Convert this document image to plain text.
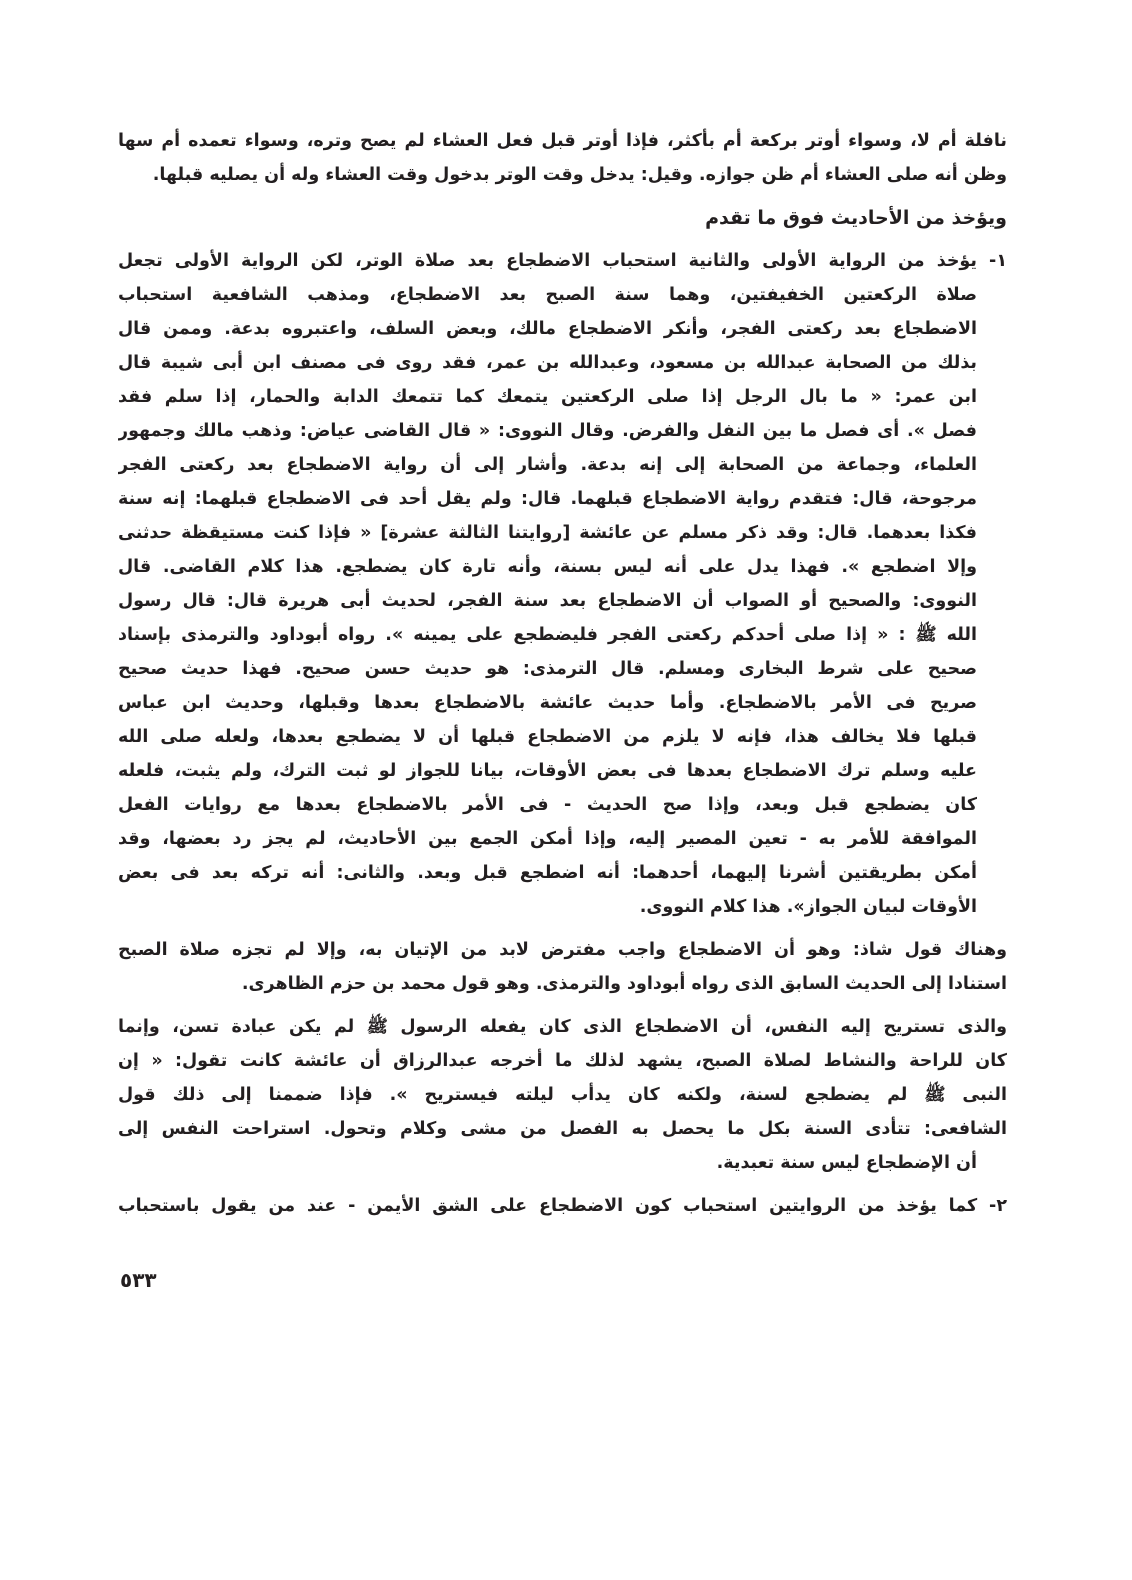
٥٣٣
نافلة أم لا، وسواء أوتر بركعة أم بأكثر، فإذا أوتر قبل فعل العشاء لم يصح وتره، وسواء تعمده أم سها
وظن أنه صلى العشاء أم ظن جوازه. وقيل: يدخل وقت الوتر بدخول وقت العشاء وله أن يصليه قبلها.
ويؤخذ من الأحاديث فوق ما تقدم
١- يؤخذ من الرواية الأولى والثانية استحباب الاضطجاع بعد صلاة الوتر، لكن الرواية الأولى تجعل
صلاة الركعتين الخفيفتين، وهما سنة الصبح بعد الاضطجاع، ومذهب الشافعية استحباب
الاضطجاع بعد ركعتى الفجر، وأنكر الاضطجاع مالك، وبعض السلف، واعتبروه بدعة. وممن قال
بذلك من الصحابة عبدالله بن مسعود، وعبدالله بن عمر، فقد روى فى مصنف ابن أبى شيبة قال
ابن عمر: « ما بال الرجل إذا صلى الركعتين يتمعك كما تتمعك الدابة والحمار، إذا سلم فقد
فصل ». أى فصل ما بين النفل والفرض. وقال النووى: « قال القاضى عياض: وذهب مالك وجمهور
العلماء، وجماعة من الصحابة إلى إنه بدعة. وأشار إلى أن رواية الاضطجاع بعد ركعتى الفجر
مرجوحة، قال: فتقدم رواية الاضطجاع قبلهما. قال: ولم يقل أحد فى الاضطجاع قبلهما: إنه سنة
فكذا بعدهما. قال: وقد ذكر مسلم عن عائشة [روايتنا الثالثة عشرة] « فإذا كنت مستيقظة حدثنى
وإلا اضطجع ». فهذا يدل على أنه ليس بسنة، وأنه تارة كان يضطجع. هذا كلام القاضى. قال
النووى: والصحيح أو الصواب أن الاضطجاع بعد سنة الفجر، لحديث أبى هريرة قال: قال رسول
الله ﷺ : « إذا صلى أحدكم ركعتى الفجر فليضطجع على يمينه ». رواه أبوداود والترمذى بإسناد
صحيح على شرط البخارى ومسلم. قال الترمذى: هو حديث حسن صحيح. فهذا حديث صحيح
صريح فى الأمر بالاضطجاع. وأما حديث عائشة بالاضطجاع بعدها وقبلها، وحديث ابن عباس
قبلها فلا يخالف هذا، فإنه لا يلزم من الاضطجاع قبلها أن لا يضطجع بعدها، ولعله صلى الله
عليه وسلم ترك الاضطجاع بعدها فى بعض الأوقات، بيانا للجواز لو ثبت الترك، ولم يثبت، فلعله
كان يضطجع قبل وبعد، وإذا صح الحديث - فى الأمر بالاضطجاع بعدها مع روايات الفعل
الموافقة للأمر به - تعين المصير إليه، وإذا أمكن الجمع بين الأحاديث، لم يجز رد بعضها، وقد
أمكن بطريقتين أشرنا إليهما، أحدهما: أنه اضطجع قبل وبعد. والثانى: أنه تركه بعد فى بعض
الأوقات لبيان الجواز». هذا كلام النووى.
وهناك قول شاذ: وهو أن الاضطجاع واجب مفترض لابد من الإتيان به، وإلا لم تجزه صلاة الصبح
استنادا إلى الحديث السابق الذى رواه أبوداود والترمذى. وهو قول محمد بن حزم الظاهرى.
والذى تستريح إليه النفس، أن الاضطجاع الذى كان يفعله الرسول ﷺ لم يكن عبادة تسن، وإنما
كان للراحة والنشاط لصلاة الصبح، يشهد لذلك ما أخرجه عبدالرزاق أن عائشة كانت تقول: « إن
النبى ﷺ لم يضطجع لسنة، ولكنه كان يدأب ليلته فيستريح ». فإذا ضممنا إلى ذلك قول
الشافعى: تتأدى السنة بكل ما يحصل به الفصل من مشى وكلام وتحول. استراحت النفس إلى
أن الإضطجاع ليس سنة تعبدية.
٢- كما يؤخذ من الروايتين استحباب كون الاضطجاع على الشق الأيمن - عند من يقول باستحباب
